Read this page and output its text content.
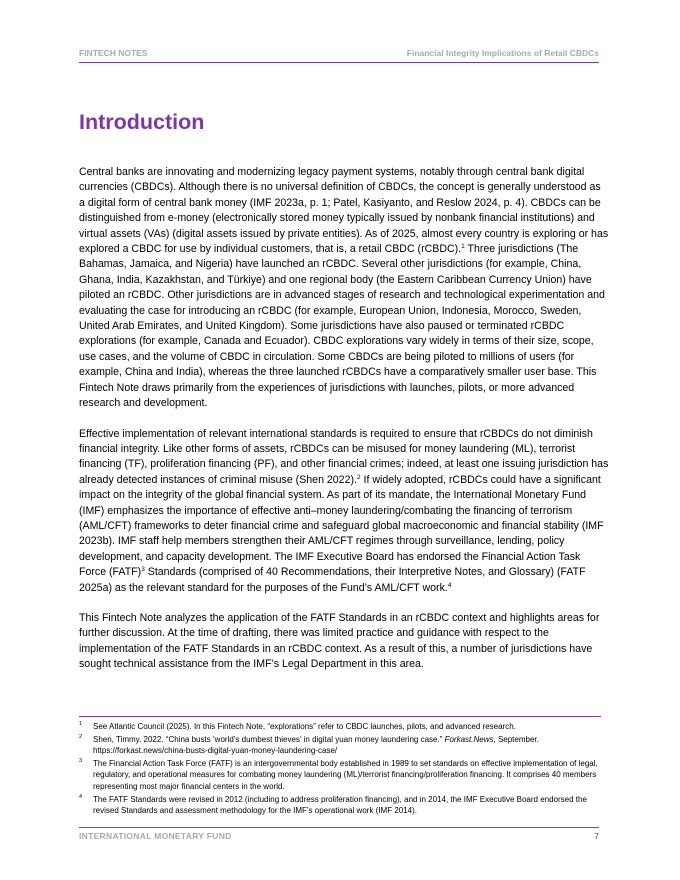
FINTECH NOTES	Financial Integrity Implications of Retail CBDCs
Introduction

Central banks are innovating and modernizing legacy payment systems, notably through central bank digital currencies (CBDCs). Although there is no universal definition of CBDCs, the concept is generally understood as a digital form of central bank money (IMF 2023a, p. 1; Patel, Kasiyanto, and Reslow 2024, p. 4). CBDCs can be distinguished from e-money (electronically stored money typically issued by nonbank financial institutions) and virtual assets (VAs) (digital assets issued by private entities). As of 2025, almost every country is exploring or has explored a CBDC for use by individual customers, that is, a retail CBDC (rCBDC).$^1$ Three jurisdictions (The Bahamas, Jamaica, and Nigeria) have launched an rCBDC. Several other jurisdictions (for example, China, Ghana, India, Kazakhstan, and Türkiye) and one regional body (the Eastern Caribbean Currency Union) have piloted an rCBDC. Other jurisdictions are in advanced stages of research and technological experimentation and evaluating the case for introducing an rCBDC (for example, European Union, Indonesia, Morocco, Sweden, United Arab Emirates, and United Kingdom). Some jurisdictions have also paused or terminated rCBDC explorations (for example, Canada and Ecuador). CBDC explorations vary widely in terms of their size, scope, use cases, and the volume of CBDC in circulation. Some CBDCs are being piloted to millions of users (for example, China and India), whereas the three launched rCBDCs have a comparatively smaller user base. This Fintech Note draws primarily from the experiences of jurisdictions with launches, pilots, or more advanced research and development.

Effective implementation of relevant international standards is required to ensure that rCBDCs do not diminish financial integrity. Like other forms of assets, rCBDCs can be misused for money laundering (ML), terrorist financing (TF), proliferation financing (PF), and other financial crimes; indeed, at least one issuing jurisdiction has already detected instances of criminal misuse (Shen 2022).$^2$ If widely adopted, rCBDCs could have a significant impact on the integrity of the global financial system. As part of its mandate, the International Monetary Fund (IMF) emphasizes the importance of effective anti–money laundering/combating the financing of terrorism (AML/CFT) frameworks to deter financial crime and safeguard global macroeconomic and financial stability (IMF 2023b). IMF staff help members strengthen their AML/CFT regimes through surveillance, lending, policy development, and capacity development. The IMF Executive Board has endorsed the Financial Action Task Force (FATF)$^3$ Standards (comprised of 40 Recommendations, their Interpretive Notes, and Glossary) (FATF 2025a) as the relevant standard for the purposes of the Fund’s AML/CFT work.$^4$

This Fintech Note analyzes the application of the FATF Standards in an rCBDC context and highlights areas for further discussion. At the time of drafting, there was limited practice and guidance with respect to the implementation of the FATF Standards in an rCBDC context. As a result of this, a number of jurisdictions have sought technical assistance from the IMF’s Legal Department in this area.

1 See Atlantic Council (2025). In this Fintech Note, “explorations” refer to CBDC launches, pilots, and advanced research.
2 Shen, Timmy. 2022. “China busts ‘world’s dumbest thieves’ in digital yuan money laundering case.” Forkast.News, September. https://forkast.news/china-busts-digital-yuan-money-laundering-case/
3 The Financial Action Task Force (FATF) is an intergovernmental body established in 1989 to set standards on effective implementation of legal, regulatory, and operational measures for combating money laundering (ML)/terrorist financing/proliferation financing. It comprises 40 members representing most major financial centers in the world.
4 The FATF Standards were revised in 2012 (including to address proliferation financing), and in 2014, the IMF Executive Board endorsed the revised Standards and assessment methodology for the IMF’s operational work (IMF 2014).
INTERNATIONAL MONETARY FUND	7
